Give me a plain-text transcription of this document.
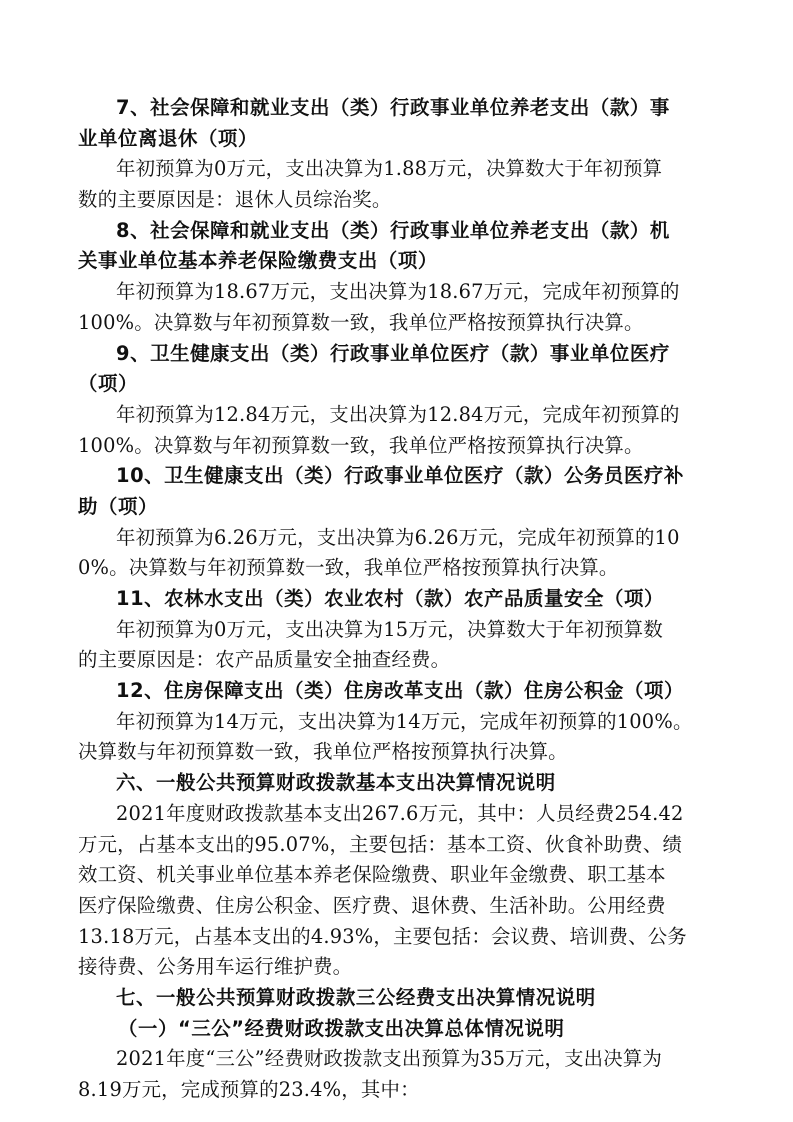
7、社会保障和就业支出（类）行政事业单位养老支出（款）事
业单位离退休（项）
年初预算为0万元，支出决算为1.88万元，决算数大于年初预算
数的主要原因是：退休人员综治奖。
8、社会保障和就业支出（类）行政事业单位养老支出（款）机
关事业单位基本养老保险缴费支出（项）
年初预算为18.67万元，支出决算为18.67万元，完成年初预算的
100%。决算数与年初预算数一致，我单位严格按预算执行决算。
9、卫生健康支出（类）行政事业单位医疗（款）事业单位医疗
（项）
年初预算为12.84万元，支出决算为12.84万元，完成年初预算的
100%。决算数与年初预算数一致，我单位严格按预算执行决算。
10、卫生健康支出（类）行政事业单位医疗（款）公务员医疗补
助（项）
年初预算为6.26万元，支出决算为6.26万元，完成年初预算的10
0%。决算数与年初预算数一致，我单位严格按预算执行决算。
11、农林水支出（类）农业农村（款）农产品质量安全（项）
年初预算为0万元，支出决算为15万元，决算数大于年初预算数
的主要原因是：农产品质量安全抽查经费。
12、住房保障支出（类）住房改革支出（款）住房公积金（项）
年初预算为14万元，支出决算为14万元，完成年初预算的100%。
决算数与年初预算数一致，我单位严格按预算执行决算。
六、一般公共预算财政拨款基本支出决算情况说明
2021年度财政拨款基本支出267.6万元，其中：人员经费254.42
万元，占基本支出的95.07%，主要包括：基本工资、伙食补助费、绩
效工资、机关事业单位基本养老保险缴费、职业年金缴费、职工基本
医疗保险缴费、住房公积金、医疗费、退休费、生活补助。公用经费
13.18万元，占基本支出的4.93%，主要包括：会议费、培训费、公务
接待费、公务用车运行维护费。
七、一般公共预算财政拨款三公经费支出决算情况说明
（一）“三公”经费财政拨款支出决算总体情况说明
2021年度“三公”经费财政拨款支出预算为35万元，支出决算为
8.19万元，完成预算的23.4%，其中：
